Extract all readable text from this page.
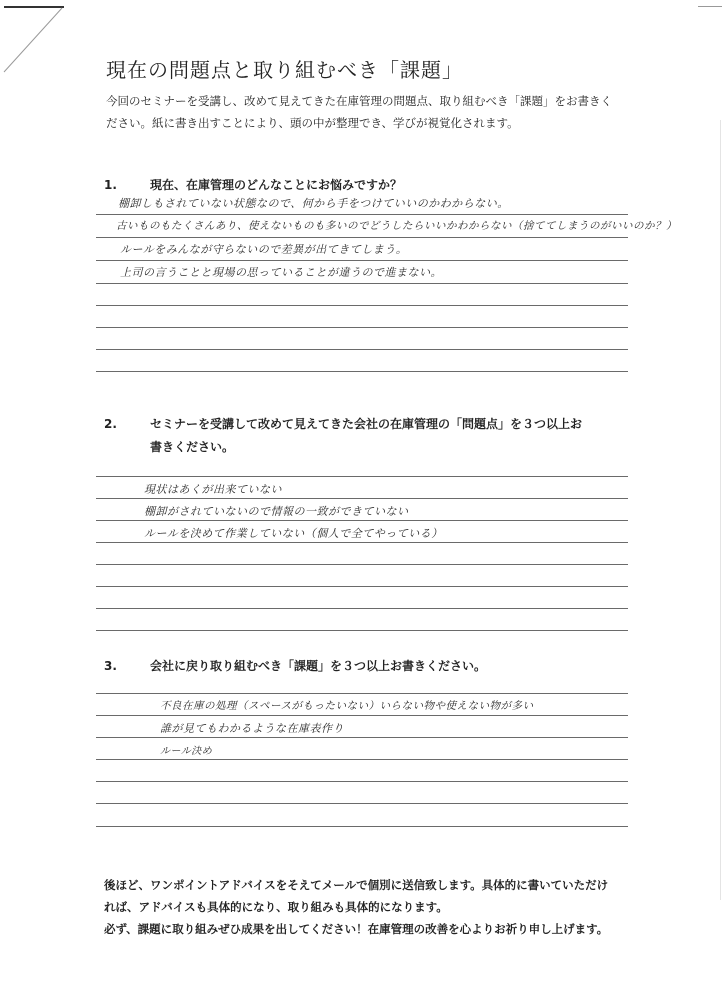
現在の問題点と取り組むべき「課題」
今回のセミナーを受講し、改めて見えてきた在庫管理の問題点、取り組むべき「課題」をお書きく
ださい。紙に書き出すことにより、頭の中が整理でき、学びが視覚化されます。
1.	現在、在庫管理のどんなことにお悩みですか？
棚卸しもされていない状態なので、何から手をつけていいのかわからない。
古いものもたくさんあり、使えないものも多いのでどうしたらいいかわからない（捨ててしまうのがいいのか？）
ルールをみんなが守らないので差異が出てきてしまう。
上司の言うことと現場の思っていることが違うので進まない。
2.	セミナーを受講して改めて見えてきた会社の在庫管理の「問題点」を３つ以上お
書きください。
現状はあくが出来ていない
棚卸がされていないので情報の一致ができていない
ルールを決めて作業していない（個人で全てやっている）
3.	会社に戻り取り組むべき「課題」を３つ以上お書きください。
不良在庫の処理（スペースがもったいない）いらない物や使えない物が多い
誰が見てもわかるような在庫表作り
ルール決め
後ほど、ワンポイントアドバイスをそえてメールで個別に送信致します。具体的に書いていただけ
れば、アドバイスも具体的になり、取り組みも具体的になります。
必ず、課題に取り組みぜひ成果を出してください！在庫管理の改善を心よりお祈り申し上げます。
